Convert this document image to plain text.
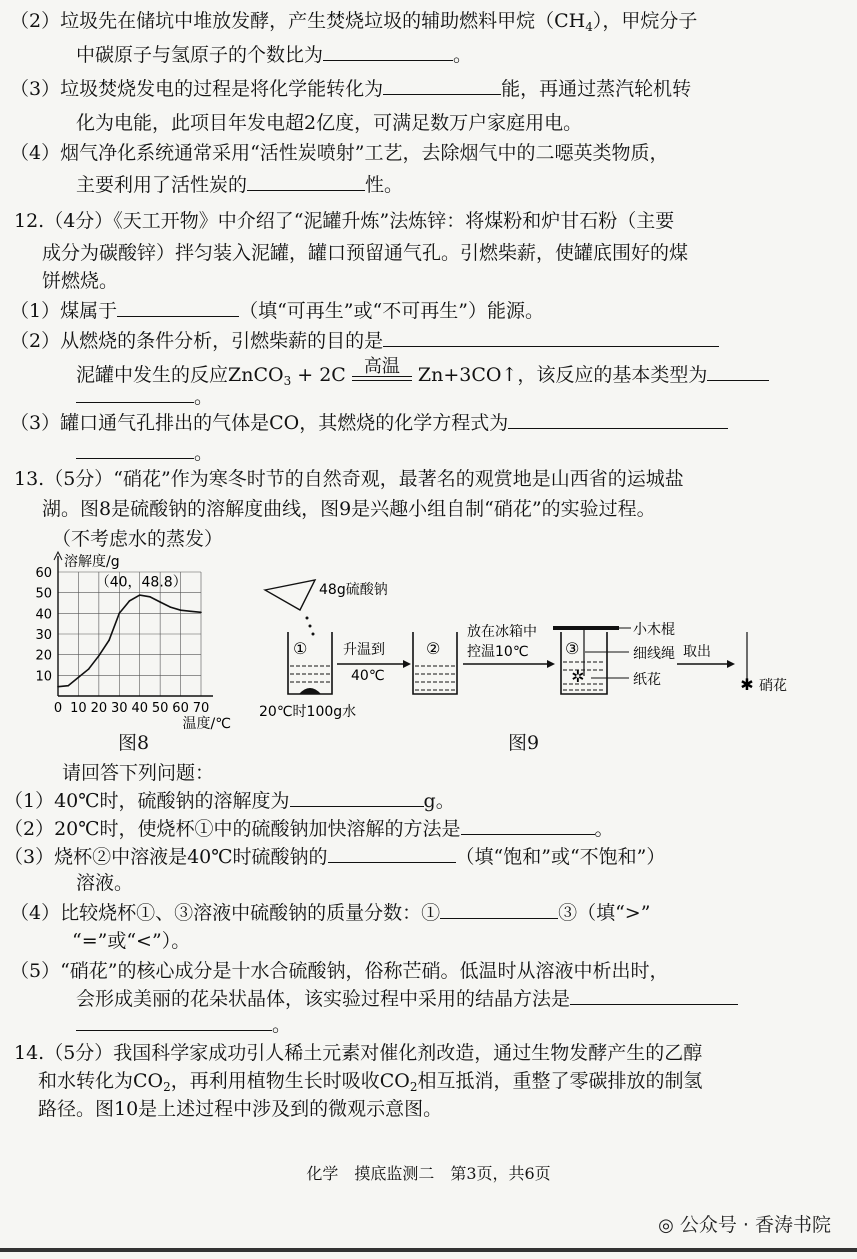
（2）垃圾先在储坑中堆放发酵，产生焚烧垃圾的辅助燃料甲烷$(CH_4)$，甲烷分子
中碳原子与氢原子的个数比为	。
（3）垃圾焚烧发电的过程是将化学能转化为	能，再通过蒸汽轮机转
化为电能，此项目年发电超2亿度，可满足数万户家庭用电。
（4）烟气净化系统通常采用“活性炭喷射”工艺，去除烟气中的二噁英类物质，
主要利用了活性炭的	性。
12.（4分）《天工开物》中介绍了“泥罐升炼”法炼锌：将煤粉和炉甘石粉（主要
成分为碳酸锌）拌匀装入泥罐，罐口预留通气孔。引燃柴薪，使罐底围好的煤
饼燃烧。
（1）煤属于	（填“可再生”或“不可再生”）能源。
（2）从燃烧的条件分析，引燃柴薪的目的是
泥罐中发生的反应ZnCO$_3$ + 2C	高温 Zn+3CO↑，该反应的基本类型为
。
（3）罐口通气孔排出的气体是CO，其燃烧的化学方程式为
。
13.（5分）“硝花”作为寒冬时节的自然奇观，最著名的观赏地是山西省的运城盐
湖。图8是硫酸钠的溶解度曲线，图9是兴趣小组自制“硝花”的实验过程。
（不考虑水的蒸发）
0 10 20 30 40 50 60 70
10
20
30
40
50
60
溶解度/g
温度/℃
（40，48.8）
图8
48g硫酸钠
①
20℃时100g水
升温到
40℃
②
放在冰箱中
控温10℃
✲
③
小木棍
细线绳
纸花
取出
✱ 硝花
图9
请回答下列问题：
（1）40℃时，硫酸钠的溶解度为	g。
（2）20℃时，使烧杯①中的硫酸钠加快溶解的方法是	。
（3）烧杯②中溶液是40℃时硫酸钠的	（填“饱和”或“不饱和”）
溶液。
（4）比较烧杯①、③溶液中硫酸钠的质量分数：①	③（填“>”
“=”或“<”）。
（5）“硝花”的核心成分是十水合硫酸钠，俗称芒硝。低温时从溶液中析出时，
会形成美丽的花朵状晶体，该实验过程中采用的结晶方法是
。
14.（5分）我国科学家成功引人稀土元素对催化剂改造，通过生物发酵产生的乙醇
和水转化为$CO_2$，再利用植物生长时吸收$CO_2$相互抵消，重整了零碳排放的制氢
路径。图10是上述过程中涉及到的微观示意图。
化学　摸底监测二　第3页，共6页
◎ 公众号 · 香涛书院
